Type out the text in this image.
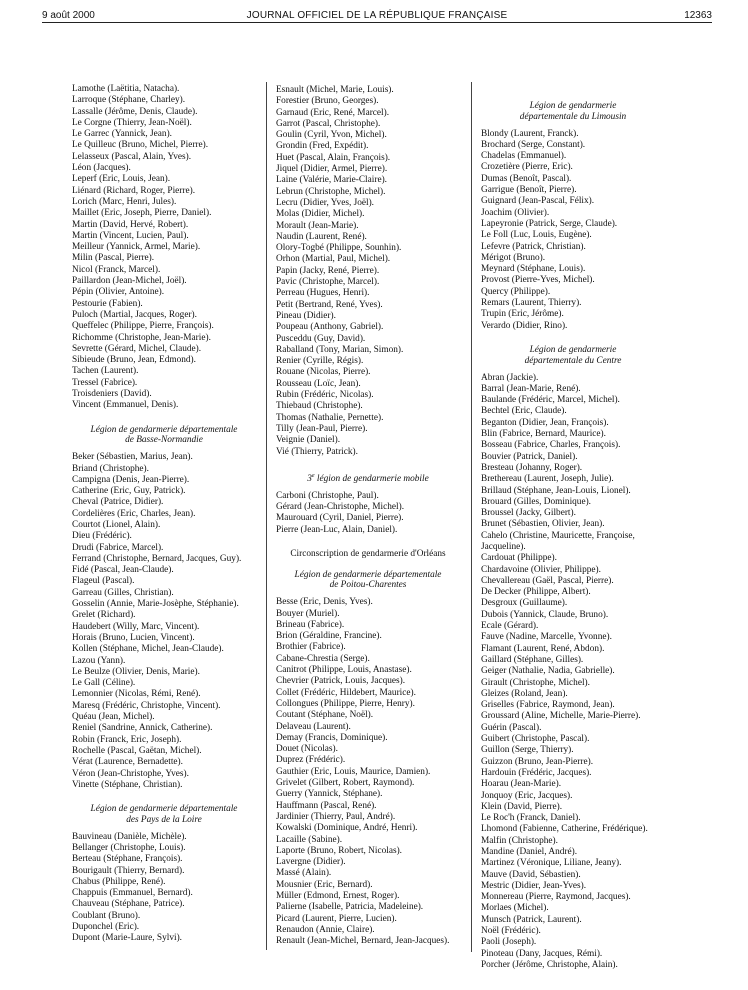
9 août 2000	JOURNAL OFFICIEL DE LA RÉPUBLIQUE FRANÇAISE	12363
Lamothe (Laëtitia, Natacha).
Larroque (Stéphane, Charley).
Lassalle (Jérôme, Denis, Claude).
Le Corgne (Thierry, Jean-Noël).
Le Garrec (Yannick, Jean).
Le Quilleuc (Bruno, Michel, Pierre).
Lelasseux (Pascal, Alain, Yves).
Léon (Jacques).
Leperf (Eric, Louis, Jean).
Liénard (Richard, Roger, Pierre).
Lorich (Marc, Henri, Jules).
Maillet (Eric, Joseph, Pierre, Daniel).
Martin (David, Hervé, Robert).
Martin (Vincent, Lucien, Paul).
Meilleur (Yannick, Armel, Marie).
Milin (Pascal, Pierre).
Nicol (Franck, Marcel).
Paillardon (Jean-Michel, Joël).
Pépin (Olivier, Antoine).
Pestourie (Fabien).
Puloch (Martial, Jacques, Roger).
Queffelec (Philippe, Pierre, François).
Richomme (Christophe, Jean-Marie).
Sevrette (Gérard, Michel, Claude).
Sibieude (Bruno, Jean, Edmond).
Tachen (Laurent).
Tressel (Fabrice).
Troisdeniers (David).
Vincent (Emmanuel, Denis).
Légion de gendarmerie départementale
de Basse-Normandie
Beker (Sébastien, Marius, Jean).
Briand (Christophe).
Campigna (Denis, Jean-Pierre).
Catherine (Eric, Guy, Patrick).
Cheval (Patrice, Didier).
Cordelières (Eric, Charles, Jean).
Courtot (Lionel, Alain).
Dieu (Frédéric).
Drudi (Fabrice, Marcel).
Ferrand (Christophe, Bernard, Jacques, Guy).
Fidé (Pascal, Jean-Claude).
Flageul (Pascal).
Garreau (Gilles, Christian).
Gosselin (Annie, Marie-Josèphe, Stéphanie).
Grelet (Richard).
Haudebert (Willy, Marc, Vincent).
Horais (Bruno, Lucien, Vincent).
Kollen (Stéphane, Michel, Jean-Claude).
Lazou (Yann).
Le Beulze (Olivier, Denis, Marie).
Le Gall (Céline).
Lemonnier (Nicolas, Rémi, René).
Maresq (Frédéric, Christophe, Vincent).
Quéau (Jean, Michel).
Reniel (Sandrine, Annick, Catherine).
Robin (Franck, Eric, Joseph).
Rochelle (Pascal, Gaëtan, Michel).
Vérat (Laurence, Bernadette).
Véron (Jean-Christophe, Yves).
Vinette (Stéphane, Christian).
Légion de gendarmerie départementale
des Pays de la Loire
Bauvineau (Danièle, Michèle).
Bellanger (Christophe, Louis).
Berteau (Stéphane, François).
Bourigault (Thierry, Bernard).
Chabus (Philippe, René).
Chappuis (Emmanuel, Bernard).
Chauveau (Stéphane, Patrice).
Coublant (Bruno).
Duponchel (Eric).
Dupont (Marie-Laure, Sylvi).
Esnault (Michel, Marie, Louis).
Forestier (Bruno, Georges).
Garnaud (Eric, René, Marcel).
Garrot (Pascal, Christophe).
Goulin (Cyril, Yvon, Michel).
Grondin (Fred, Expédit).
Huet (Pascal, Alain, François).
Jiquel (Didier, Armel, Pierre).
Laine (Valérie, Marie-Claire).
Lebrun (Christophe, Michel).
Lecru (Didier, Yves, Joël).
Molas (Didier, Michel).
Morault (Jean-Marie).
Naudin (Laurent, René).
Olory-Togbé (Philippe, Sounhin).
Orhon (Martial, Paul, Michel).
Papin (Jacky, René, Pierre).
Pavic (Christophe, Marcel).
Perreau (Hugues, Henri).
Petit (Bertrand, René, Yves).
Pineau (Didier).
Poupeau (Anthony, Gabriel).
Pusceddu (Guy, David).
Raballand (Tony, Marian, Simon).
Renier (Cyrille, Régis).
Rouane (Nicolas, Pierre).
Rousseau (Loïc, Jean).
Rubin (Frédéric, Nicolas).
Thiebaud (Christophe).
Thomas (Nathalie, Pernette).
Tilly (Jean-Paul, Pierre).
Veignie (Daniel).
Vié (Thierry, Patrick).
3e légion de gendarmerie mobile
Carboni (Christophe, Paul).
Gérard (Jean-Christophe, Michel).
Maurouard (Cyril, Daniel, Pierre).
Pierre (Jean-Luc, Alain, Daniel).
Circonscription de gendarmerie d'Orléans
Légion de gendarmerie départementale
de Poitou-Charentes
Besse (Eric, Denis, Yves).
Bouyer (Muriel).
Brineau (Fabrice).
Brion (Géraldine, Francine).
Brothier (Fabrice).
Cabane-Chrestia (Serge).
Canitrot (Philippe, Louis, Anastase).
Chevrier (Patrick, Louis, Jacques).
Collet (Frédéric, Hildebert, Maurice).
Collongues (Philippe, Pierre, Henry).
Coutant (Stéphane, Noël).
Delaveau (Laurent).
Demay (Francis, Dominique).
Douet (Nicolas).
Duprez (Frédéric).
Gauthier (Eric, Louis, Maurice, Damien).
Grivelet (Gilbert, Robert, Raymond).
Guerry (Yannick, Stéphane).
Hauffmann (Pascal, René).
Jardinier (Thierry, Paul, André).
Kowalski (Dominique, André, Henri).
Lacaille (Sabine).
Laporte (Bruno, Robert, Nicolas).
Lavergne (Didier).
Massé (Alain).
Mousnier (Eric, Bernard).
Müller (Edmond, Ernest, Roger).
Palierne (Isabelle, Patricia, Madeleine).
Picard (Laurent, Pierre, Lucien).
Renaudon (Annie, Claire).
Renault (Jean-Michel, Bernard, Jean-Jacques).
Légion de gendarmerie
départementale du Limousin
Blondy (Laurent, Franck).
Brochard (Serge, Constant).
Chadelas (Emmanuel).
Crozetière (Pierre, Eric).
Dumas (Benoît, Pascal).
Garrigue (Benoît, Pierre).
Guignard (Jean-Pascal, Félix).
Joachim (Olivier).
Lapeyronie (Patrick, Serge, Claude).
Le Foll (Luc, Louis, Eugène).
Lefevre (Patrick, Christian).
Mérigot (Bruno).
Meynard (Stéphane, Louis).
Provost (Pierre-Yves, Michel).
Quercy (Philippe).
Remars (Laurent, Thierry).
Trupin (Eric, Jérôme).
Verardo (Didier, Rino).
Légion de gendarmerie
départementale du Centre
Abran (Jackie).
Barral (Jean-Marie, René).
Baulande (Frédéric, Marcel, Michel).
Bechtel (Eric, Claude).
Beganton (Didier, Jean, François).
Blin (Fabrice, Bernard, Maurice).
Bosseau (Fabrice, Charles, François).
Bouvier (Patrick, Daniel).
Bresteau (Johanny, Roger).
Brethereau (Laurent, Joseph, Julie).
Brillaud (Stéphane, Jean-Louis, Lionel).
Brouard (Gilles, Dominique).
Broussel (Jacky, Gilbert).
Brunet (Sébastien, Olivier, Jean).
Cahelo (Christine, Mauricette, Françoise, Jacqueline).
Cardouat (Philippe).
Chardavoine (Olivier, Philippe).
Chevallereau (Gaël, Pascal, Pierre).
De Decker (Philippe, Albert).
Desgroux (Guillaume).
Dubois (Yannick, Claude, Bruno).
Ecale (Gérard).
Fauve (Nadine, Marcelle, Yvonne).
Flamant (Laurent, René, Abdon).
Gaillard (Stéphane, Gilles).
Geiger (Nathalie, Nadia, Gabrielle).
Girault (Christophe, Michel).
Gleizes (Roland, Jean).
Griselles (Fabrice, Raymond, Jean).
Groussard (Aline, Michelle, Marie-Pierre).
Guérin (Pascal).
Guibert (Christophe, Pascal).
Guillon (Serge, Thierry).
Guizzon (Bruno, Jean-Pierre).
Hardouin (Frédéric, Jacques).
Hoarau (Jean-Marie).
Jonquoy (Eric, Jacques).
Klein (David, Pierre).
Le Roc'h (Franck, Daniel).
Lhomond (Fabienne, Catherine, Frédérique).
Malfin (Christophe).
Mandine (Daniel, André).
Martinez (Véronique, Liliane, Jeany).
Mauve (David, Sébastien).
Mestric (Didier, Jean-Yves).
Monnereau (Pierre, Raymond, Jacques).
Morlaes (Michel).
Munsch (Patrick, Laurent).
Noël (Frédéric).
Paoli (Joseph).
Pinoteau (Dany, Jacques, Rémi).
Porcher (Jérôme, Christophe, Alain).
